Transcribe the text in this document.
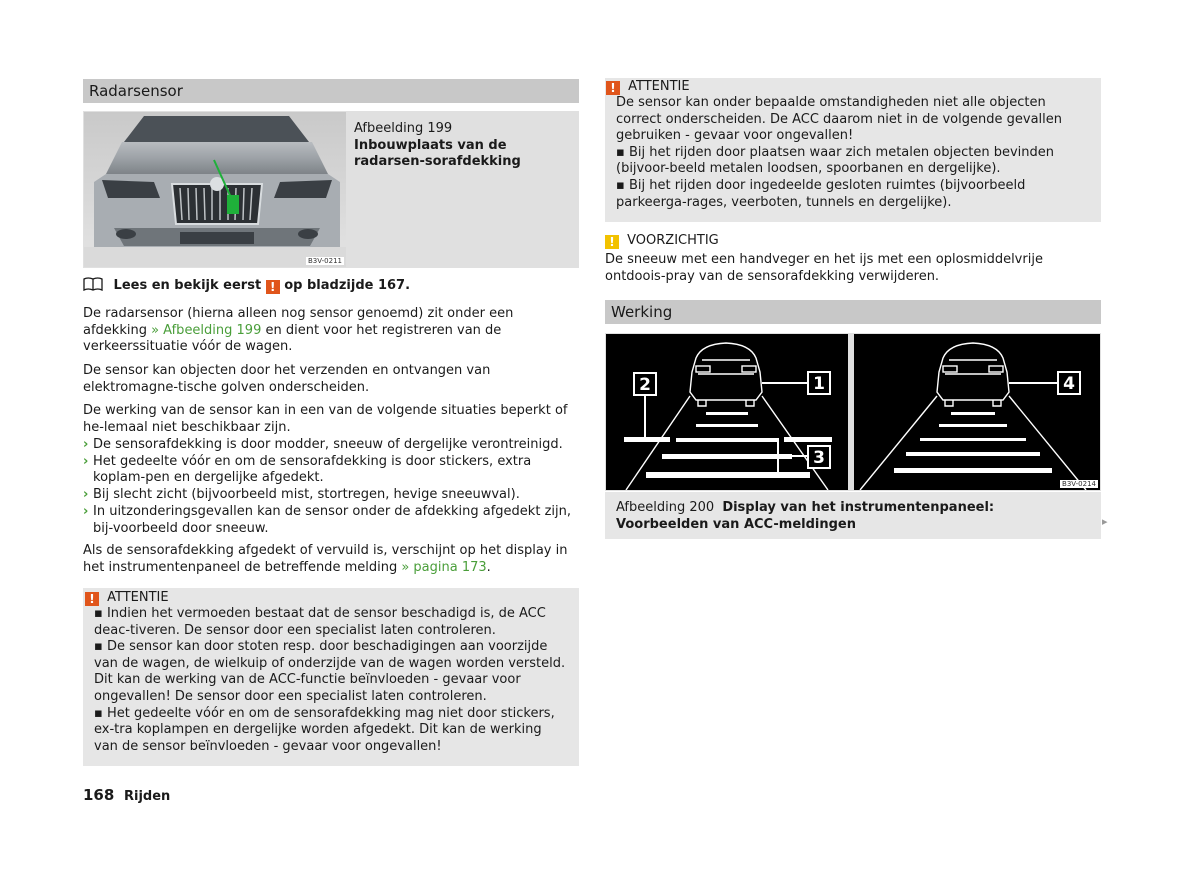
Radarsensor
B3V-0211
Afbeelding 199
Inbouwplaats van de radarsen-sorafdekking
Lees en bekijk eerst ! op bladzijde 167.

De radarsensor (hierna alleen nog sensor genoemd) zit onder een afdekking » Afbeelding 199 en dient voor het registreren van de verkeerssituatie vóór de wagen.

De sensor kan objecten door het verzenden en ontvangen van elektromagne-tische golven onderscheiden.

De werking van de sensor kan in een van de volgende situaties beperkt of he-lemaal niet beschikbaar zijn.

› De sensorafdekking is door modder, sneeuw of dergelijke verontreinigd.
› Het gedeelte vóór en om de sensorafdekking is door stickers, extra koplam-pen en dergelijke afgedekt.
› Bij slecht zicht (bijvoorbeeld mist, stortregen, hevige sneeuwval).
› In uitzonderingsgevallen kan de sensor onder de afdekking afgedekt zijn, bij-voorbeeld door sneeuw.

Als de sensorafdekking afgedekt of vervuild is, verschijnt op het display in het instrumentenpaneel de betreffende melding » pagina 173.

! ATTENTIE
▪ Indien het vermoeden bestaat dat de sensor beschadigd is, de ACC deac-tiveren. De sensor door een specialist laten controleren.
▪ De sensor kan door stoten resp. door beschadigingen aan voorzijde van de wagen, de wielkuip of onderzijde van de wagen worden versteld. Dit kan de werking van de ACC-functie beïnvloeden - gevaar voor ongevallen! De sensor door een specialist laten controleren.
▪ Het gedeelte vóór en om de sensorafdekking mag niet door stickers, ex-tra koplampen en dergelijke worden afgedekt. Dit kan de werking van de sensor beïnvloeden - gevaar voor ongevallen!
168 Rijden
! ATTENTIE
De sensor kan onder bepaalde omstandigheden niet alle objecten correct onderscheiden. De ACC daarom niet in de volgende gevallen gebruiken - gevaar voor ongevallen!
▪ Bij het rijden door plaatsen waar zich metalen objecten bevinden (bijvoor-beeld metalen loodsen, spoorbanen en dergelijke).
▪ Bij het rijden door ingedeelde gesloten ruimtes (bijvoorbeeld parkeerga-rages, veerboten, tunnels en dergelijke).
! VOORZICHTIG
De sneeuw met een handveger en het ijs met een oplosmiddelvrije ontdoois-pray van de sensorafdekking verwijderen.
Werking
2	1
3
4
B3V-0214
Afbeelding 200 Display van het instrumentenpaneel: Voorbeelden van ACC-meldingen	▸
